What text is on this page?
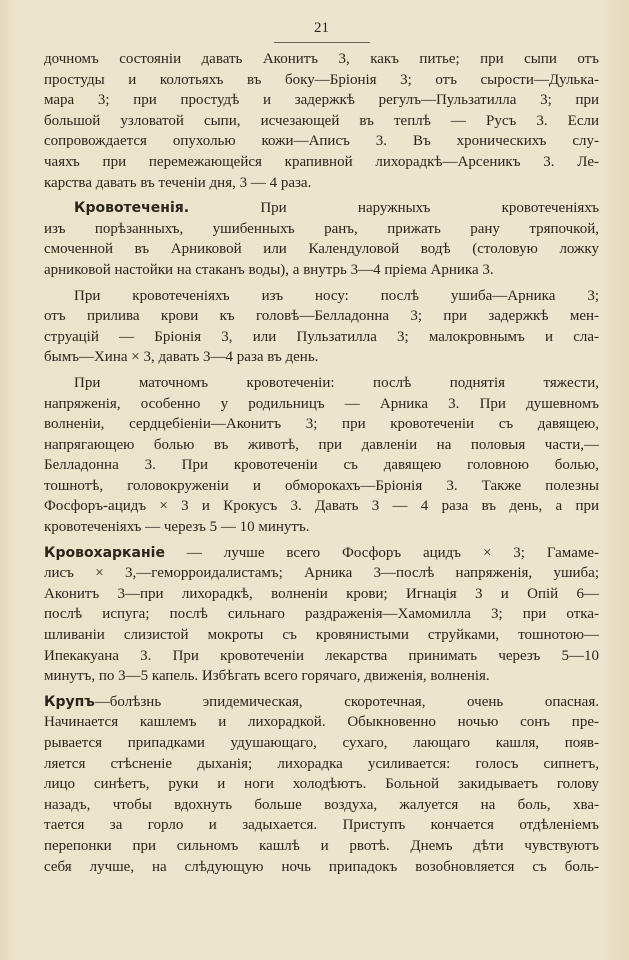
21

дочномъ состояніи давать Аконитъ 3, какъ питье; при сыпи отъ
простуды и колотьяхъ въ боку—Бріонія 3; отъ сырости—Дулька-
мара 3; при простудѣ и задержкѣ регулъ—Пульзатилла 3; при
большой узловатой сыпи, исчезающей въ теплѣ — Русъ 3. Если
сопровождается опухолью кожи—Аписъ 3. Въ хроническихъ слу-
чаяхъ при перемежающейся крапивной лихорадкѣ—Арсеникъ 3. Ле-
карства давать въ теченіи дня, 3 — 4 раза.

Кровотеченія.	При наружныхъ кровотеченіяхъ
изъ порѣзанныхъ, ушибенныхъ ранъ, прижать рану тряпочкой,
смоченной въ Арниковой или Календуловой водѣ (столовую ложку
арниковой настойки на стаканъ воды), а внутрь 3—4 пріема Арника 3.

При кровотеченіяхъ изъ носу: послѣ ушиба—Арника 3;
отъ прилива крови къ головѣ—Белладонна 3; при задержкѣ мен-
струацій — Бріонія 3, или Пульзатилла 3; малокровнымъ и сла-
бымъ—Хина × 3, давать 3—4 раза въ день.

При маточномъ кровотеченіи: послѣ поднятія тяжести,
напряженія, особенно у родильницъ — Арника 3. При душевномъ
волненіи, сердцебіеніи—Аконитъ 3; при кровотеченіи съ давящею,
напрягающею болью въ животѣ, при давленіи на половыя части,—
Белладонна 3. При кровотеченіи съ давящею головною болью,
тошнотѣ, головокруженіи и обморокахъ—Бріонія 3. Также полезны
Фосфоръ-ацидъ × 3 и Крокусъ 3. Давать 3 — 4 раза въ день, а при
кровотеченіяхъ — черезъ 5 — 10 минутъ.

Кровохарканіе — лучше всего Фосфоръ ацидъ × 3; Гамаме-
лисъ × 3,—геморроидалистамъ; Арника 3—послѣ напряженія, ушиба;
Аконитъ 3—при лихорадкѣ, волненіи крови; Игнація 3 и Опій 6—
послѣ испуга; послѣ сильнаго раздраженія—Хамомилла 3; при отка-
шливаніи слизистой мокроты съ кровянистыми струйками, тошнотою—
Ипекакуана 3. При кровотеченіи лекарства принимать черезъ 5—10
минутъ, по 3—5 капель. Избѣгать всего горячаго, движенія, волненія.

Крупъ—болѣзнь эпидемическая, скоротечная, очень опасная.
Начинается кашлемъ и лихорадкой. Обыкновенно ночью сонъ пре-
рывается припадками удушающаго, сухаго, лающаго кашля, появ-
ляется стѣсненіе дыханія; лихорадка усиливается: голосъ сипнетъ,
лицо синѣетъ, руки и ноги холодѣютъ. Больной закидываетъ голову
назадъ, чтобы вдохнуть больше воздуха, жалуется на боль, хва-
тается за горло и задыхается. Приступъ кончается отдѣленіемъ
перепонки при сильномъ кашлѣ и рвотѣ. Днемъ дѣти чувствуютъ
себя лучше, на слѣдующую ночь припадокъ возобновляется съ боль-
